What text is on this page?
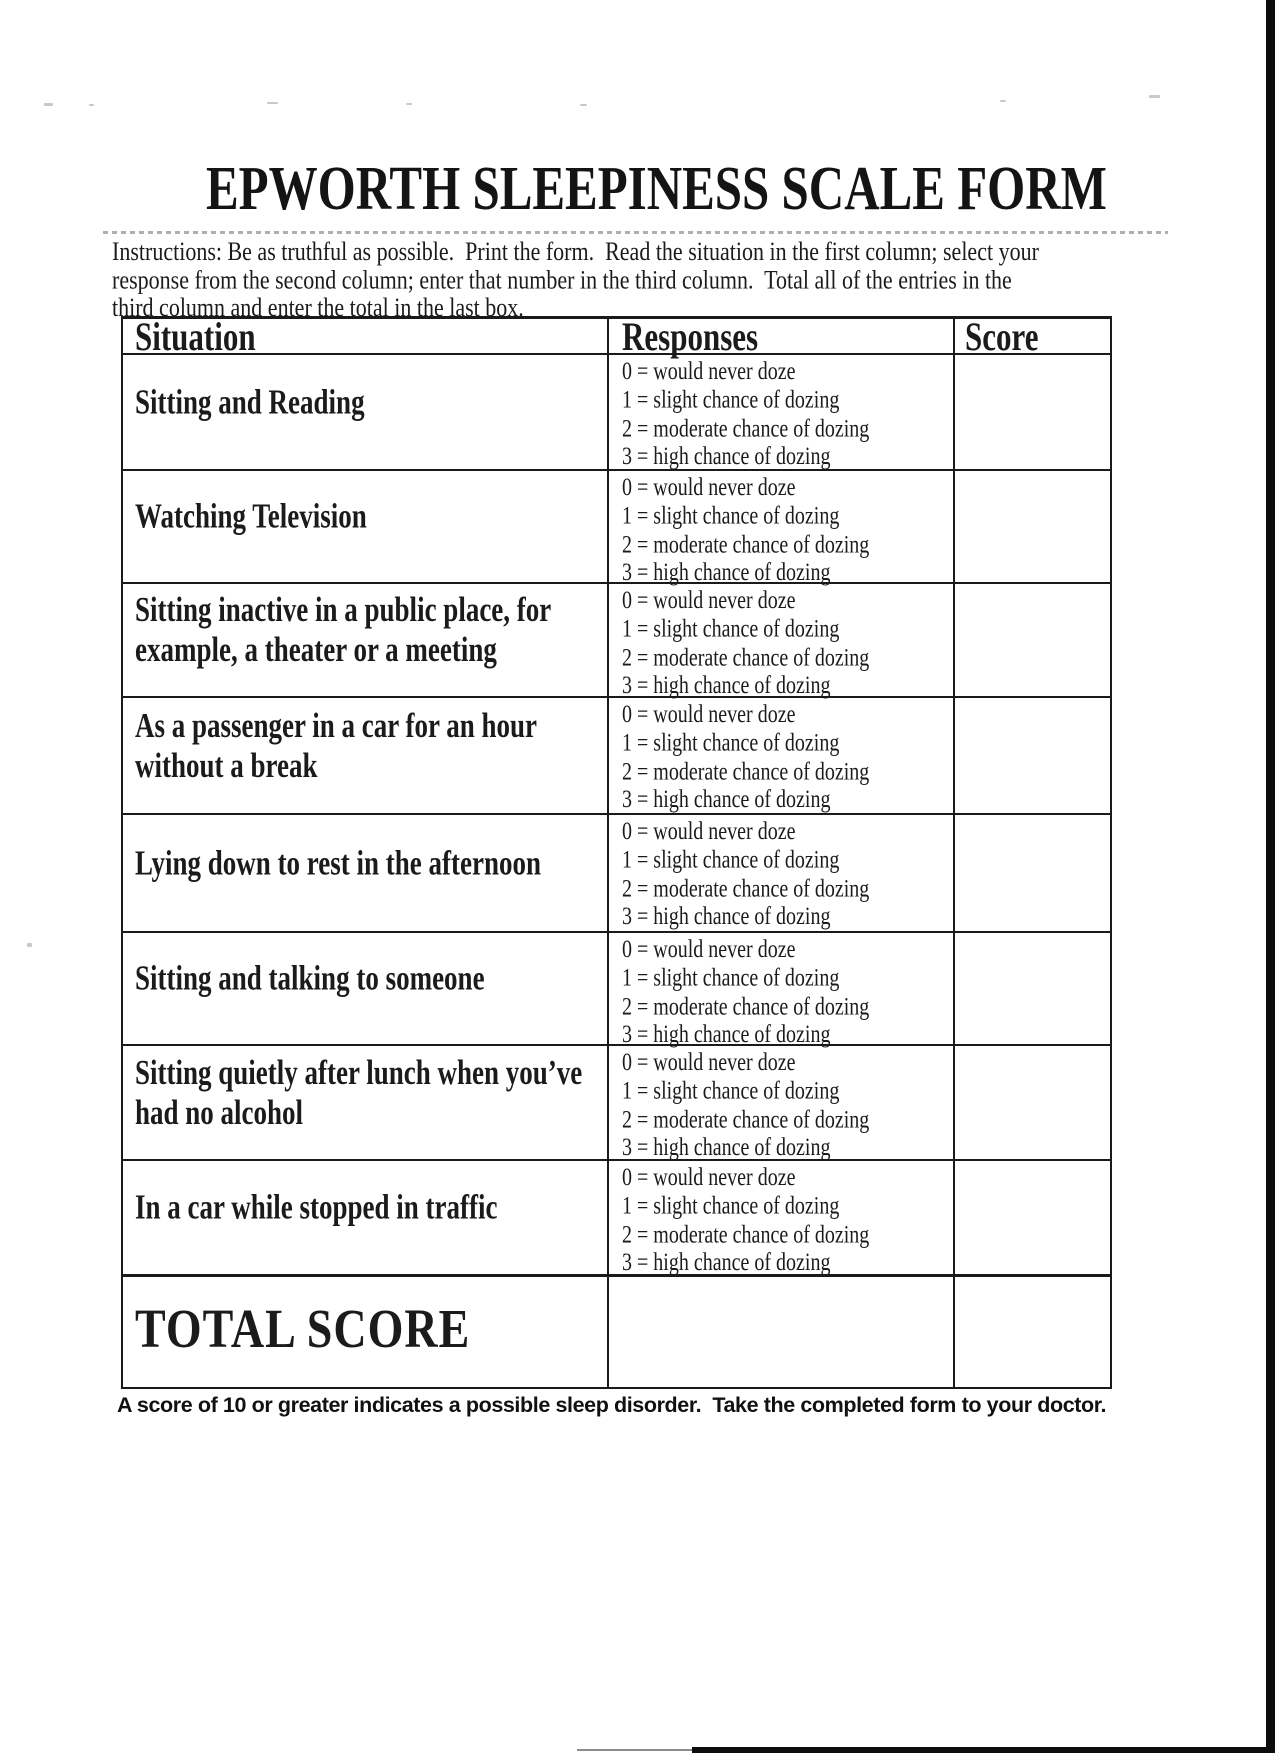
EPWORTH SLEEPINESS SCALE FORM
Instructions: Be as truthful as possible.  Print the form.  Read the situation in the first column; select your
response from the second column; enter that number in the third column.  Total all of the entries in the
third column and enter the total in the last box.
Situation	Responses	Score
Sitting and Reading
0 = would never doze
1 = slight chance of dozing
2 = moderate chance of dozing
3 = high chance of dozing
Watching Television
0 = would never doze
1 = slight chance of dozing
2 = moderate chance of dozing
3 = high chance of dozing
Sitting inactive in a public place, for example, a theater or a meeting
0 = would never doze
1 = slight chance of dozing
2 = moderate chance of dozing
3 = high chance of dozing
As a passenger in a car for an hour without a break
0 = would never doze
1 = slight chance of dozing
2 = moderate chance of dozing
3 = high chance of dozing
Lying down to rest in the afternoon
0 = would never doze
1 = slight chance of dozing
2 = moderate chance of dozing
3 = high chance of dozing
Sitting and talking to someone
0 = would never doze
1 = slight chance of dozing
2 = moderate chance of dozing
3 = high chance of dozing
Sitting quietly after lunch when you’ve had no alcohol
0 = would never doze
1 = slight chance of dozing
2 = moderate chance of dozing
3 = high chance of dozing
In a car while stopped in traffic
0 = would never doze
1 = slight chance of dozing
2 = moderate chance of dozing
3 = high chance of dozing
TOTAL SCORE
A score of 10 or greater indicates a possible sleep disorder.  Take the completed form to your doctor.
